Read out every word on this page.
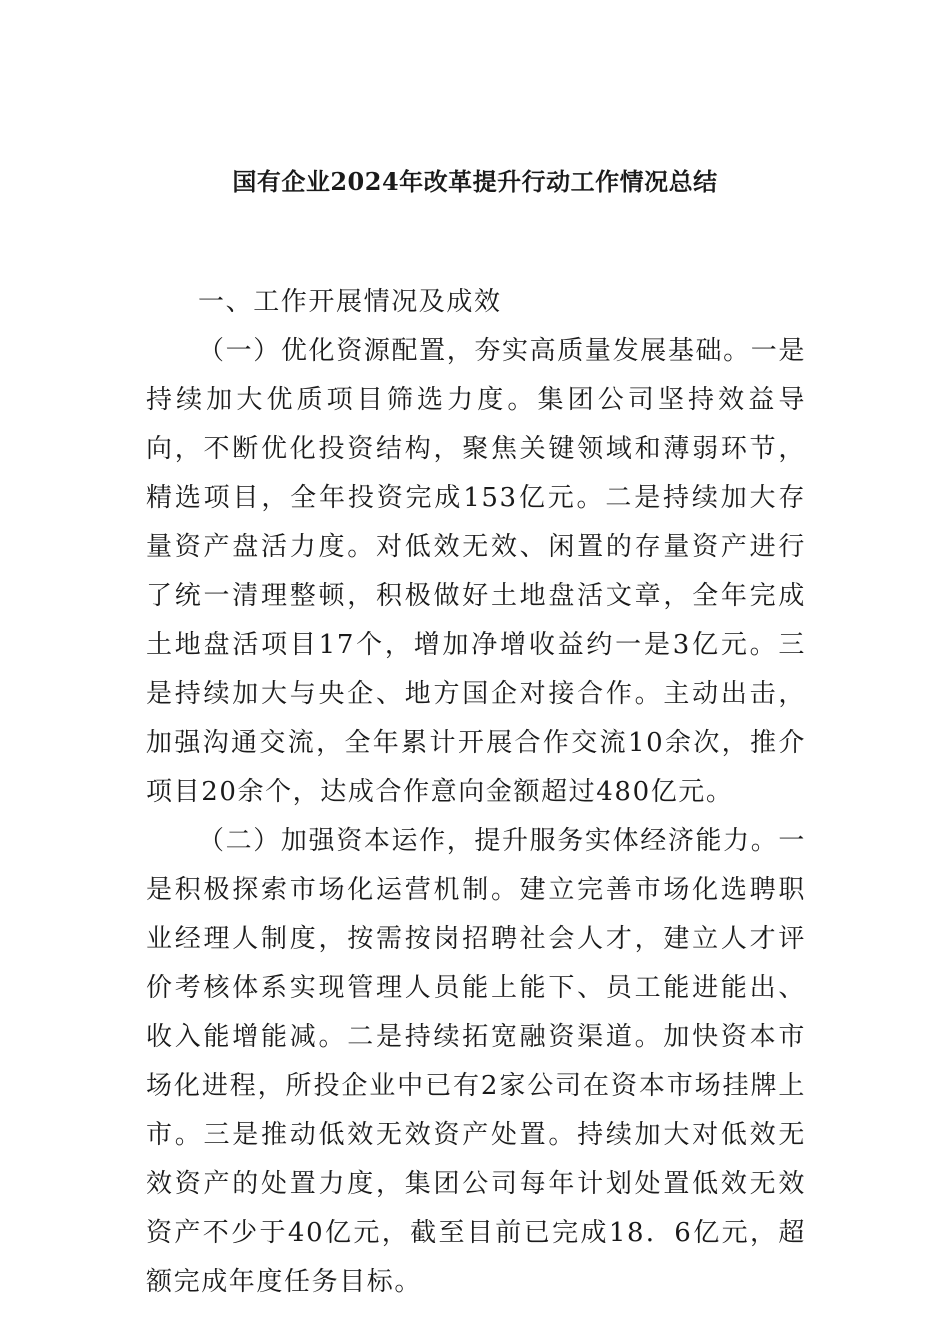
国有企业2024年改革提升行动工作情况总结

一、工作开展情况及成效

（一）优化资源配置，夯实高质量发展基础。一是持续加大优质项目筛选力度。集团公司坚持效益导向，不断优化投资结构，聚焦关键领域和薄弱环节，精选项目，全年投资完成153亿元。二是持续加大存量资产盘活力度。对低效无效、闲置的存量资产进行了统一清理整顿，积极做好土地盘活文章，全年完成土地盘活项目17个，增加净增收益约一是3亿元。三是持续加大与央企、地方国企对接合作。主动出击，加强沟通交流，全年累计开展合作交流10余次，推介项目20余个，达成合作意向金额超过480亿元。

（二）加强资本运作，提升服务实体经济能力。一是积极探索市场化运营机制。建立完善市场化选聘职业经理人制度，按需按岗招聘社会人才，建立人才评价考核体系实现管理人员能上能下、员工能进能出、收入能增能减。二是持续拓宽融资渠道。加快资本市场化进程，所投企业中已有2家公司在资本市场挂牌上市。三是推动低效无效资产处置。持续加大对低效无效资产的处置力度，集团公司每年计划处置低效无效资产不少于40亿元，截至目前已完成18．6亿元，超额完成年度任务目标。
